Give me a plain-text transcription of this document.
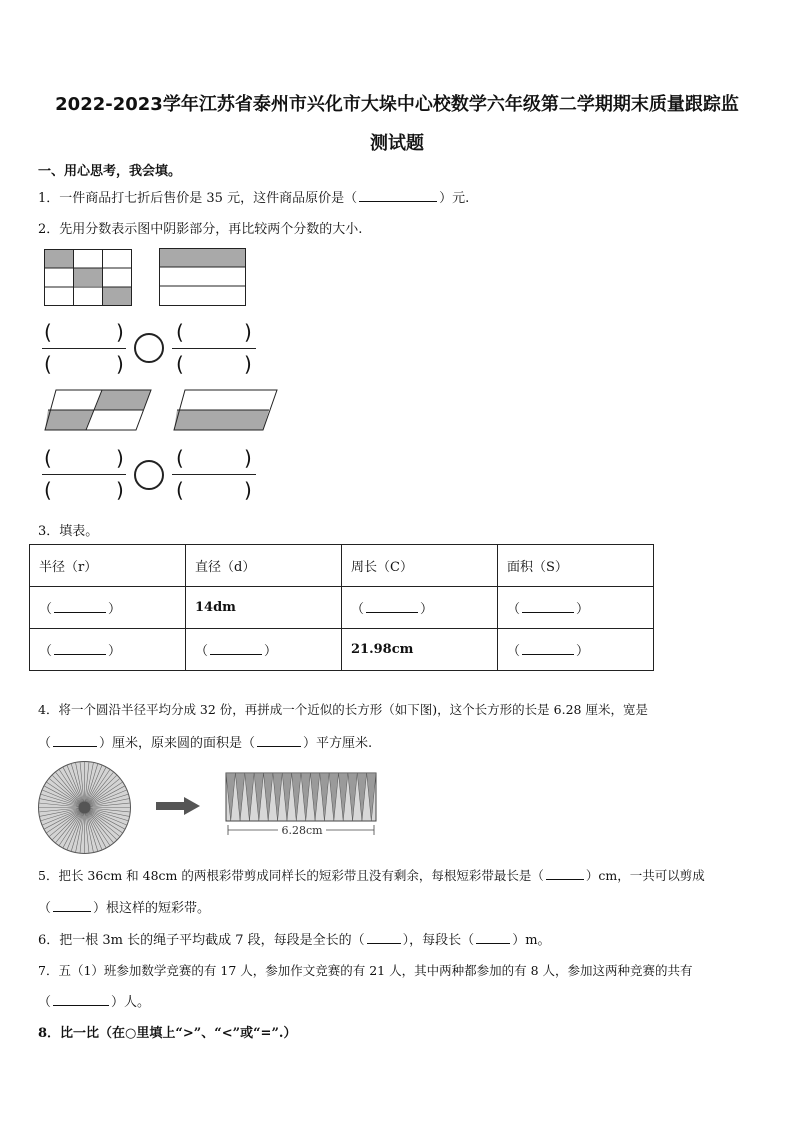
2022-2023学年江苏省泰州市兴化市大垛中心校数学六年级第二学期期末质量跟踪监
测试题
一、用心思考，我会填。
1．一件商品打七折后售价是 35 元，这件商品原价是（	）元.
2．先用分数表示图中阴影部分，再比较两个分数的大小.
(	)
(	)
(	)
(	)
(	)
(	)
(	)
(	)
3．填表。
半径（r）	直径（d）	周长（C）	面积（S）
（ ）	14dm	（ ）	（ ）
（ ）	（ ）	21.98cm	（ ）
4．将一个圆沿半径平均分成 32 份，再拼成一个近似的长方形（如下图)，这个长方形的长是 6.28 厘米，宽是
（	）厘米，原来圆的面积是（	）平方厘米.
6.28cm
5．把长 36cm 和 48cm 的两根彩带剪成同样长的短彩带且没有剩余，每根短彩带最长是（	）cm，一共可以剪成
（	）根这样的短彩带。
6．把一根 3m 长的绳子平均截成 7 段，每段是全长的（	），每段长（	）m。
7．五（1）班参加数学竞赛的有 17 人，参加作文竞赛的有 21 人，其中两种都参加的有 8 人，参加这两种竞赛的共有
（	）人。
8．比一比（在○里填上“>”、“<”或“=”.）
